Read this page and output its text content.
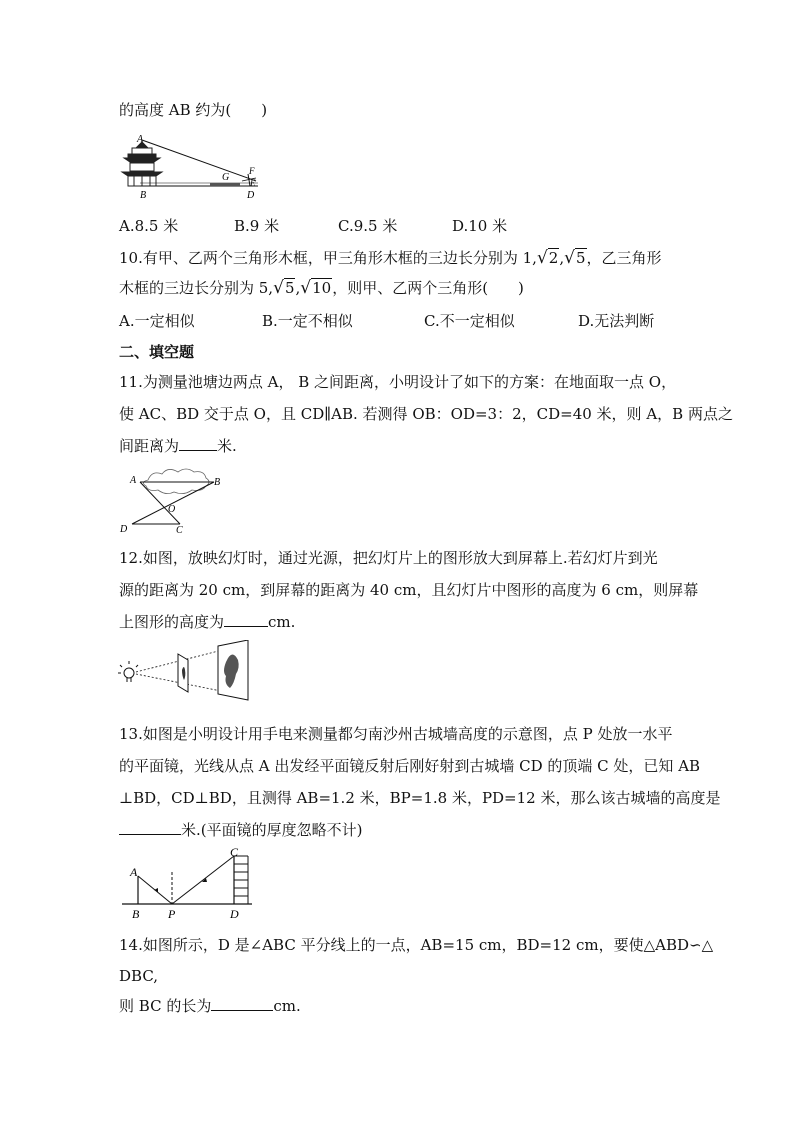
的高度 AB 约为(　　)
A
B
G
F
E
D
A.8.5 米	B.9 米	C.9.5 米	D.10 米
10.有甲、乙两个三角形木框，甲三角形木框的三边长分别为 1,√2,√5，乙三角形
木框的三边长分别为 5,√5,√10，则甲、乙两个三角形(　　)
A.一定相似	B.一定不相似	C.不一定相似	D.无法判断
二、填空题
11.为测量池塘边两点 A， B 之间距离，小明设计了如下的方案：在地面取一点 O，
使 AC、BD 交于点 O，且 CD∥AB. 若测得 OB：OD=3：2，CD=40 米，则 A，B 两点之
间距离为	米.
A	B
O
D	C
12.如图，放映幻灯时，通过光源，把幻灯片上的图形放大到屏幕上.若幻灯片到光
源的距离为 20 cm，到屏幕的距离为 40 cm，且幻灯片中图形的高度为 6 cm，则屏幕
上图形的高度为	cm.
13.如图是小明设计用手电来测量都匀南沙州古城墙高度的示意图，点 P 处放一水平
的平面镜，光线从点 A 出发经平面镜反射后刚好射到古城墙 CD 的顶端 C 处，已知 AB
⊥BD，CD⊥BD，且测得 AB=1.2 米，BP=1.8 米，PD=12 米，那么该古城墙的高度是
米.(平面镜的厚度忽略不计)
A
B P
C
D
14.如图所示，D 是∠ABC 平分线上的一点，AB=15 cm，BD=12 cm，要使△ABD∽△
DBC,
则 BC 的长为	cm.
